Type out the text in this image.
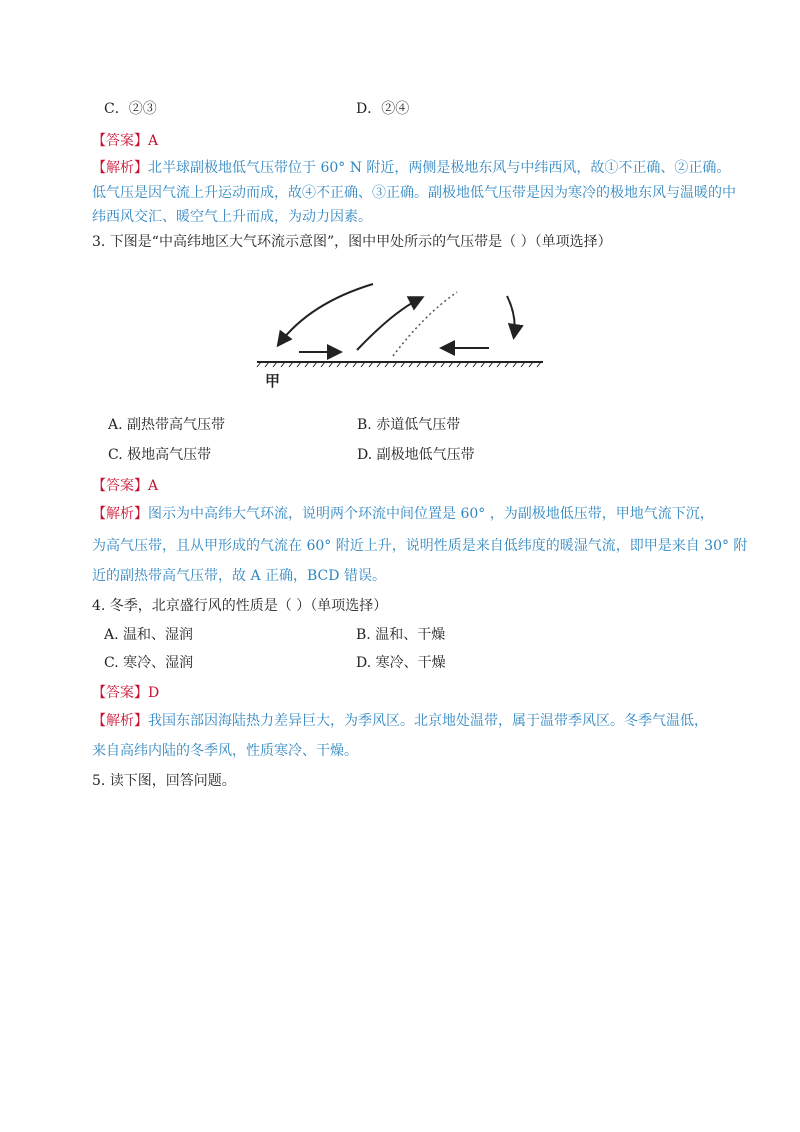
C．②③	D．②④
【答案】A
【解析】北半球副极地低气压带位于 60° N 附近，两侧是极地东风与中纬西风，故①不正确、②正确。
低气压是因气流上升运动而成，故④不正确、③正确。副极地低气压带是因为寒冷的极地东风与温暖的中
纬西风交汇、暖空气上升而成，为动力因素。
3. 下图是“中高纬地区大气环流示意图”，图中甲处所示的气压带是（ ）（单项选择）
甲
A. 副热带高气压带	B. 赤道低气压带
C. 极地高气压带	D. 副极地低气压带
【答案】A
【解析】图示为中高纬大气环流，说明两个环流中间位置是 60° ，为副极地低压带，甲地气流下沉，
为高气压带，且从甲形成的气流在 60° 附近上升，说明性质是来自低纬度的暖湿气流，即甲是来自 30° 附
近的副热带高气压带，故 A 正确，BCD 错误。
4. 冬季，北京盛行风的性质是（ ）（单项选择）
A. 温和、湿润	B. 温和、干燥
C. 寒冷、湿润	D. 寒冷、干燥
【答案】D
【解析】我国东部因海陆热力差异巨大，为季风区。北京地处温带，属于温带季风区。冬季气温低，
来自高纬内陆的冬季风，性质寒冷、干燥。
5. 读下图，回答问题。
